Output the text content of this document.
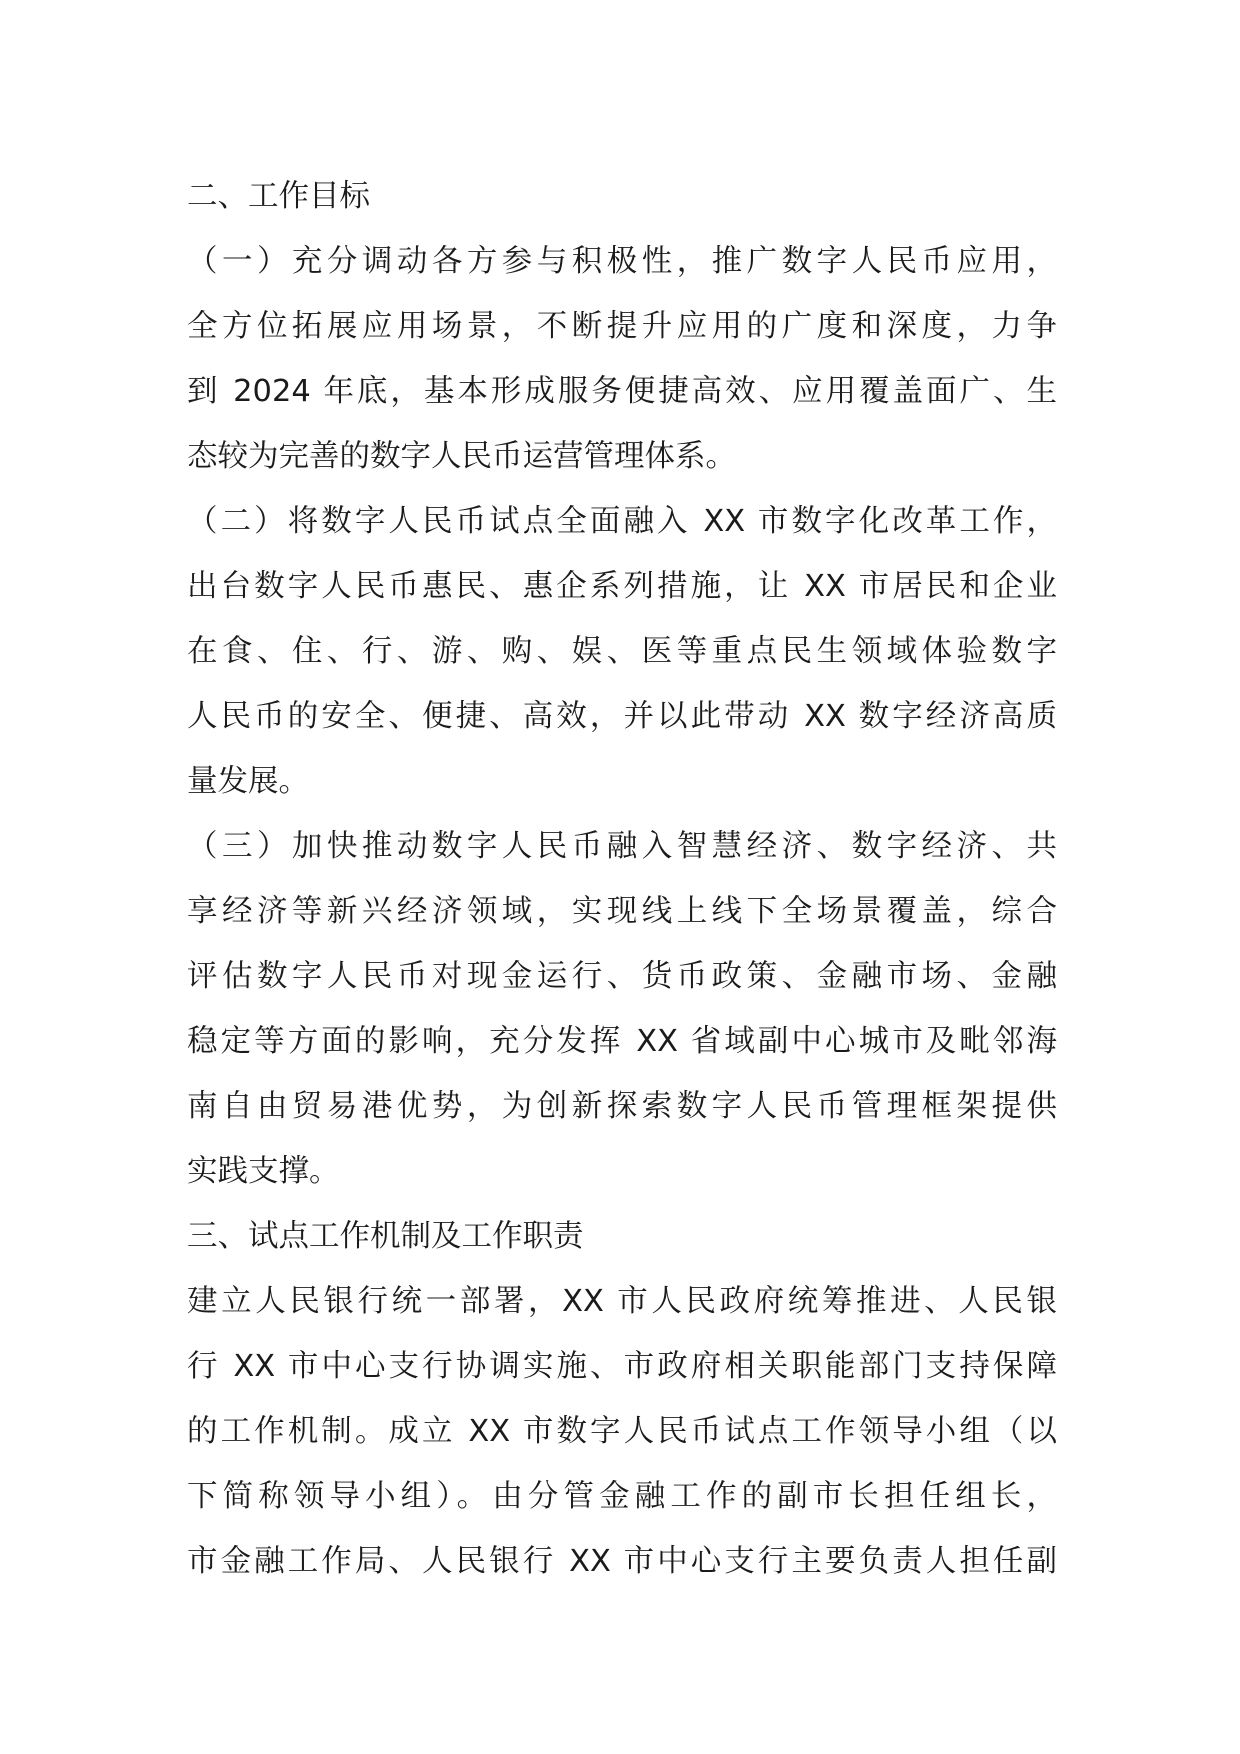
二、工作目标
（一）充分调动各方参与积极性，推广数字人民币应用，
全方位拓展应用场景，不断提升应用的广度和深度，力争
到 2024 年底，基本形成服务便捷高效、应用覆盖面广、生
态较为完善的数字人民币运营管理体系。
（二）将数字人民币试点全面融入 XX 市数字化改革工作，
出台数字人民币惠民、惠企系列措施，让 XX 市居民和企业
在食、住、行、游、购、娱、医等重点民生领域体验数字
人民币的安全、便捷、高效，并以此带动 XX 数字经济高质
量发展。
（三）加快推动数字人民币融入智慧经济、数字经济、共
享经济等新兴经济领域，实现线上线下全场景覆盖，综合
评估数字人民币对现金运行、货币政策、金融市场、金融
稳定等方面的影响，充分发挥 XX 省域副中心城市及毗邻海
南自由贸易港优势，为创新探索数字人民币管理框架提供
实践支撑。
三、试点工作机制及工作职责
建立人民银行统一部署，XX 市人民政府统筹推进、人民银
行 XX 市中心支行协调实施、市政府相关职能部门支持保障
的工作机制。成立 XX 市数字人民币试点工作领导小组（以
下简称领导小组）。由分管金融工作的副市长担任组长，
市金融工作局、人民银行 XX 市中心支行主要负责人担任副
